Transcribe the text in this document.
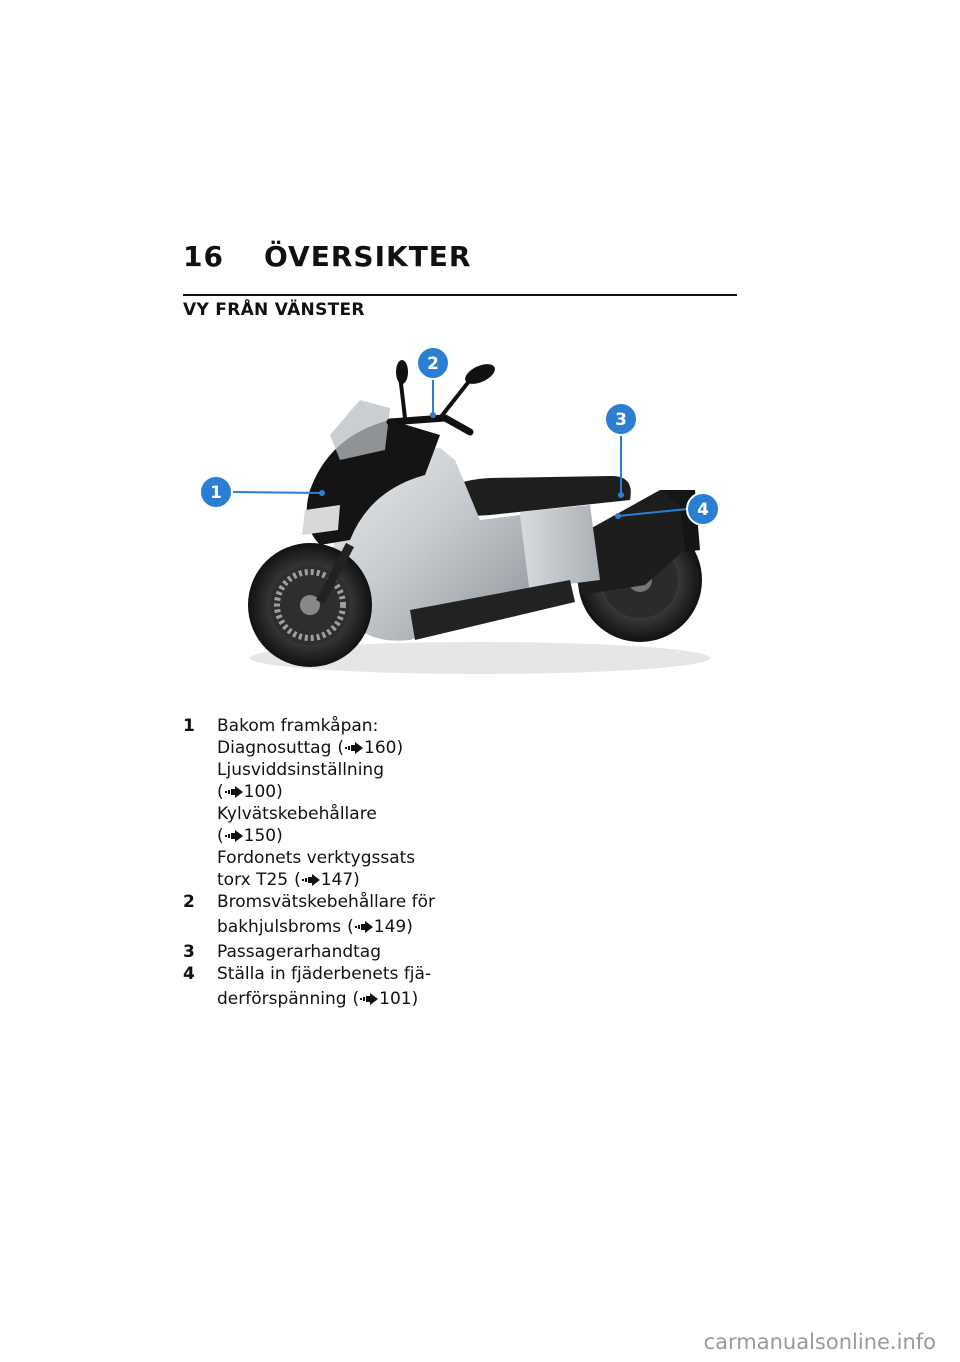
16 ÖVERSIKTER
VY FRÅN VÄNSTER
1
2
3
4
1 Bakom framkåpan:
Diagnosuttag ( 160)
Ljusviddsinställning
( 100)
Kylvätskebehållare
( 150)
Fordonets verktygssats
torx T25 ( 147)
2 Bromsvätskebehållare för
bakhjulsbroms ( 149)
3 Passagerarhandtag
4 Ställa in fjäderbenets fjä-
derförspänning ( 101)
carmanualsonline.info
